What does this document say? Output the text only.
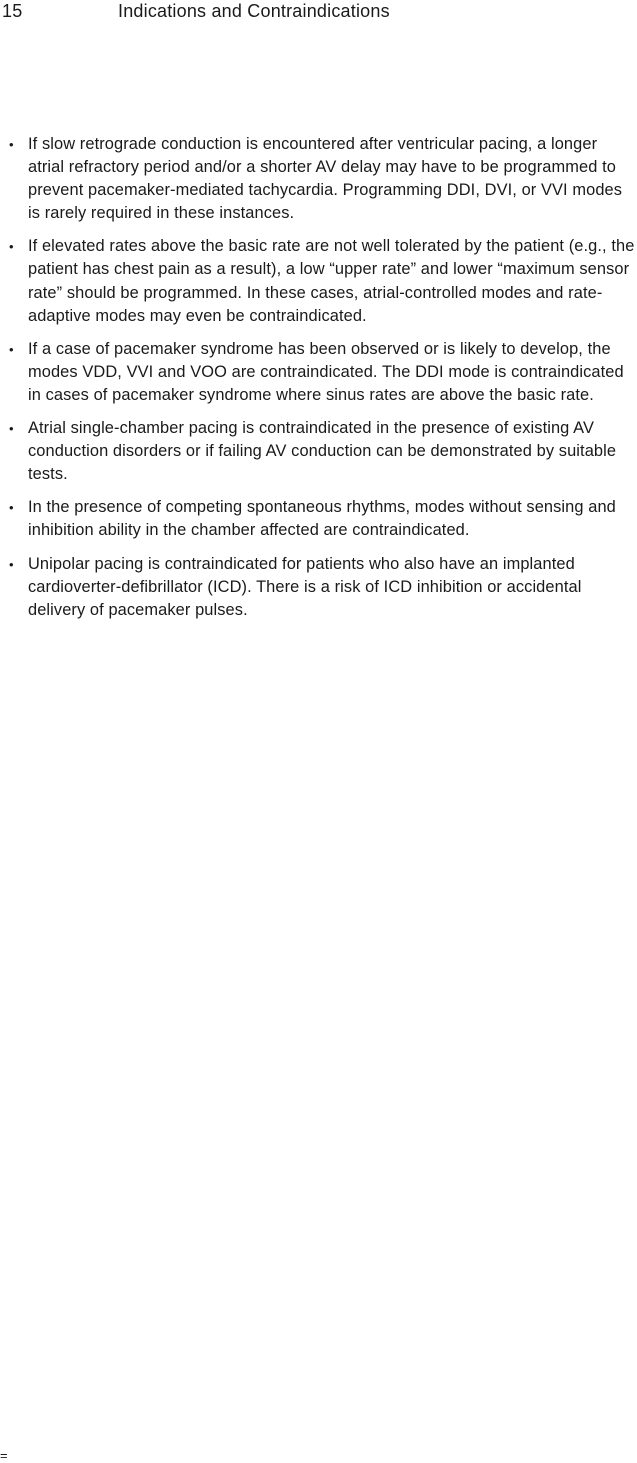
15	Indications and Contraindications
• If slow retrograde conduction is encountered after ventricular pacing, a longer atrial refractory period and/or a shorter AV delay may have to be programmed to prevent pacemaker-mediated tachycardia. Programming DDI, DVI, or VVI modes is rarely required in these instances.
• If elevated rates above the basic rate are not well tolerated by the patient (e.g., the patient has chest pain as a result), a low “upper rate” and lower “maximum sensor rate” should be programmed. In these cases, atrial-controlled modes and rate-adaptive modes may even be contraindicated.
• If a case of pacemaker syndrome has been observed or is likely to develop, the modes VDD, VVI and VOO are contraindicated. The DDI mode is contraindicated in cases of pacemaker syndrome where sinus rates are above the basic rate.
• Atrial single-chamber pacing is contraindicated in the presence of existing AV conduction disorders or if failing AV conduction can be demonstrated by suitable tests.
• In the presence of competing spontaneous rhythms, modes without sensing and inhibition ability in the chamber affected are contraindicated.
• Unipolar pacing is contraindicated for patients who also have an implanted cardioverter-defibrillator (ICD). There is a risk of ICD inhibition or accidental delivery of pacemaker pulses.
=
